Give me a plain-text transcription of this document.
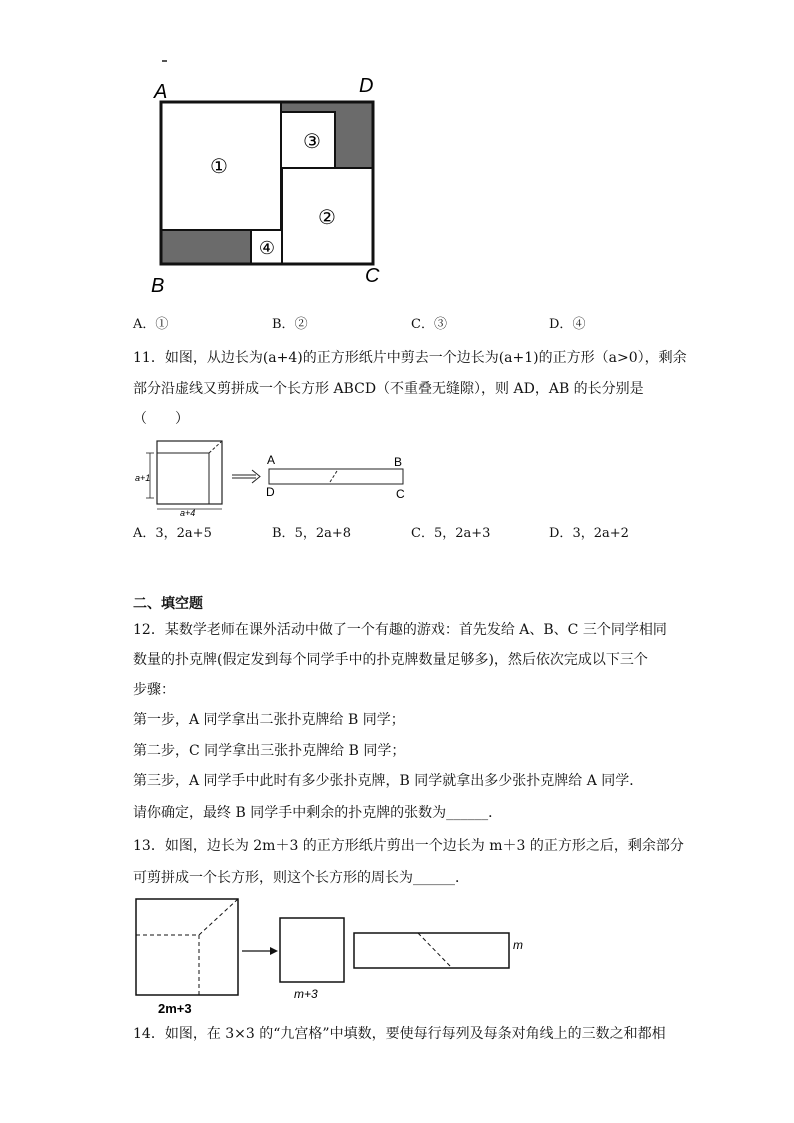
①
②
③
④
A	D
B	C
A．①	B．②	C．③	D．④
11．如图，从边长为(a+4)的正方形纸片中剪去一个边长为(a+1)的正方形（a>0），剩余
部分沿虚线又剪拼成一个长方形 ABCD（不重叠无缝隙），则 AD，AB 的长分别是
（　　）
a+1
a+4
A	B
D	C
A．3，2a+5	B．5，2a+8	C．5，2a+3	D．3，2a+2
二、填空题
12．某数学老师在课外活动中做了一个有趣的游戏：首先发给 A、B、C 三个同学相同
数量的扑克牌(假定发到每个同学手中的扑克牌数量足够多)，然后依次完成以下三个
步骤：
第一步，A 同学拿出二张扑克牌给 B 同学；
第二步，C 同学拿出三张扑克牌给 B 同学；
第三步，A 同学手中此时有多少张扑克牌，B 同学就拿出多少张扑克牌给 A 同学．
请你确定，最终 B 同学手中剩余的扑克牌的张数为______．
13．如图，边长为 2m＋3 的正方形纸片剪出一个边长为 m＋3 的正方形之后，剩余部分
可剪拼成一个长方形，则这个长方形的周长为______．
2m+3
m+3
m
14．如图，在 3×3 的“九宫格”中填数，要使每行每列及每条对角线上的三数之和都相
